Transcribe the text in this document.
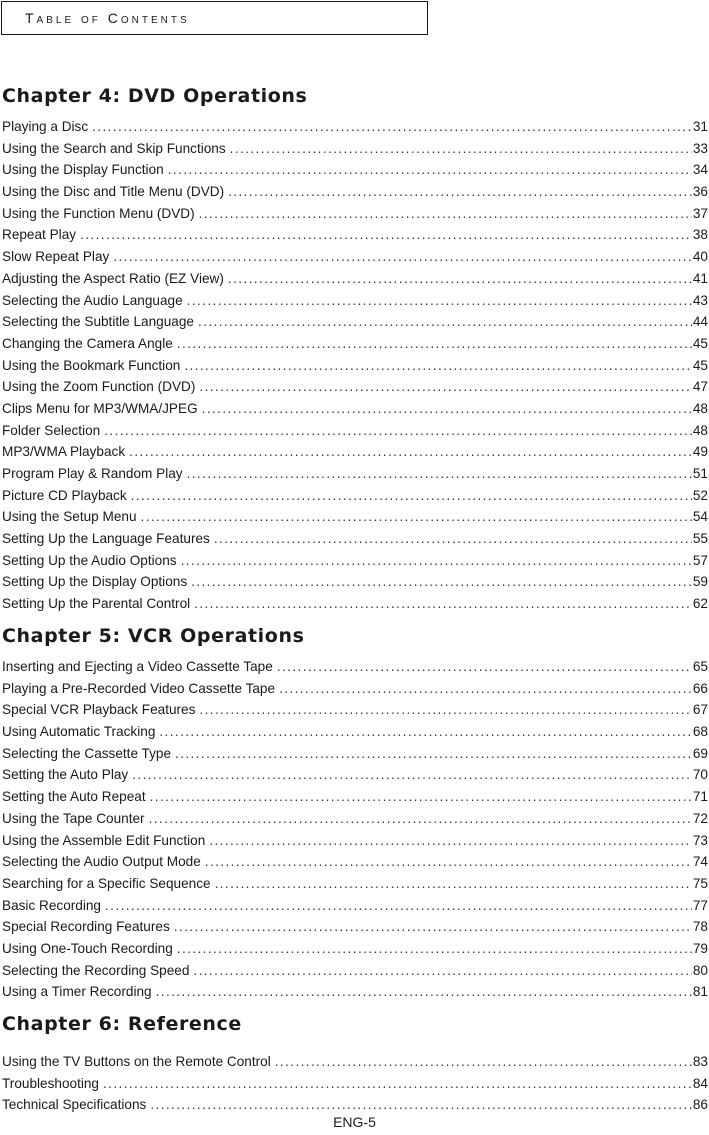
Table of Contents
Chapter 4: DVD Operations
Playing a Disc .....	31
Using the Search and Skip Functions .....	33
Using the Display Function .....	34
Using the Disc and Title Menu (DVD) .....	36
Using the Function Menu (DVD) .....	37
Repeat Play .....	38
Slow Repeat Play .....	40
Adjusting the Aspect Ratio (EZ View) .....	41
Selecting the Audio Language .....	43
Selecting the Subtitle Language .....	44
Changing the Camera Angle .....	45
Using the Bookmark Function .....	45
Using the Zoom Function (DVD) .....	47
Clips Menu for MP3/WMA/JPEG .....	48
Folder Selection .....	48
MP3/WMA Playback .....	49
Program Play & Random Play .....	51
Picture CD Playback .....	52
Using the Setup Menu .....	54
Setting Up the Language Features .....	55
Setting Up the Audio Options .....	57
Setting Up the Display Options .....	59
Setting Up the Parental Control .....	62
Chapter 5: VCR Operations
Inserting and Ejecting a Video Cassette Tape .....	65
Playing a Pre-Recorded Video Cassette Tape .....	66
Special VCR Playback Features .....	67
Using Automatic Tracking .....	68
Selecting the Cassette Type .....	69
Setting the Auto Play .....	70
Setting the Auto Repeat .....	71
Using the Tape Counter .....	72
Using the Assemble Edit Function .....	73
Selecting the Audio Output Mode .....	74
Searching for a Specific Sequence .....	75
Basic Recording .....	77
Special Recording Features .....	78
Using One-Touch Recording .....	79
Selecting the Recording Speed .....	80
Using a Timer Recording .....	81
Chapter 6: Reference
Using the TV Buttons on the Remote Control .....	83
Troubleshooting .....	84
Technical Specifications .....	86
ENG-5
